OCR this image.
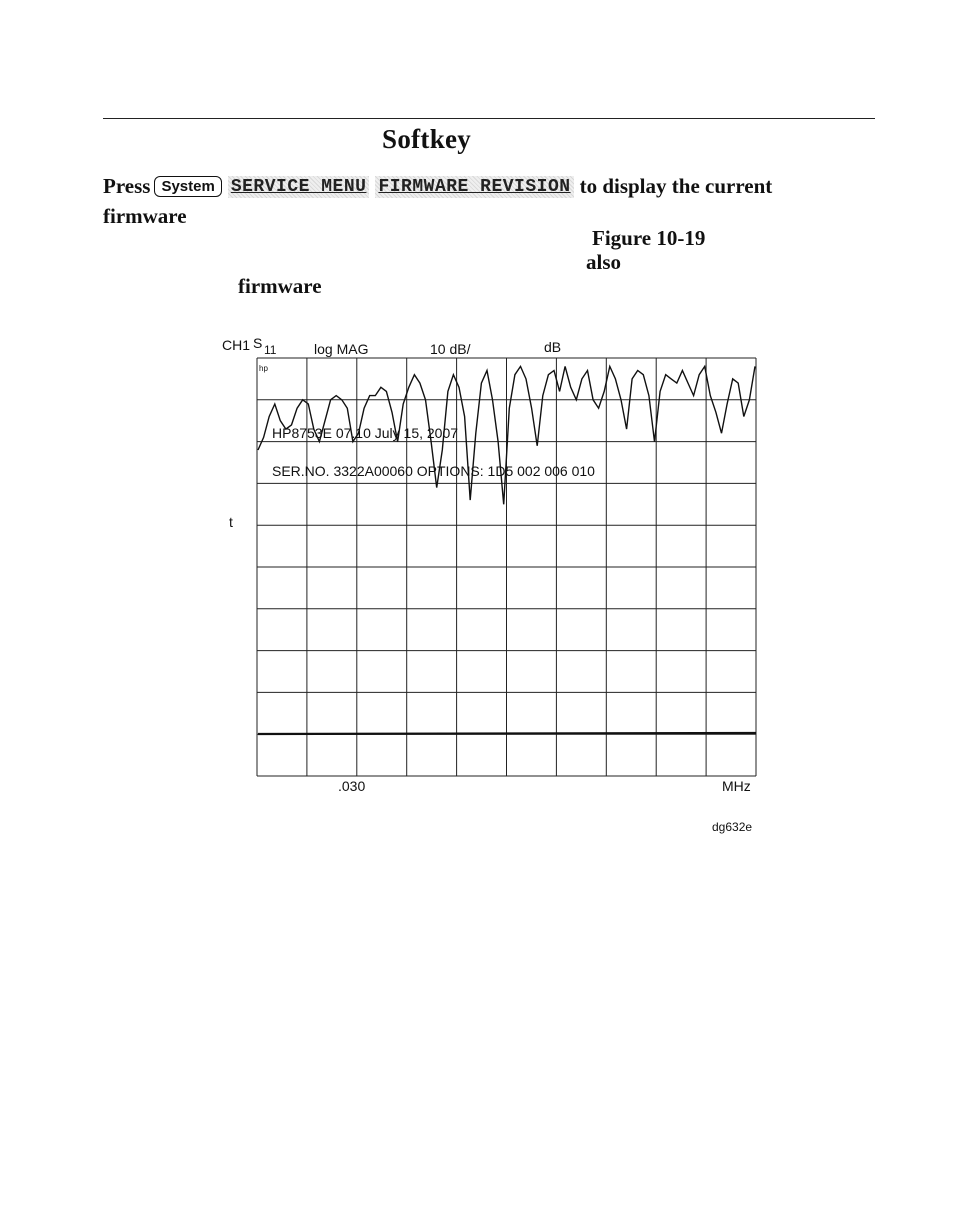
Softkey
Press System SERVICE MENU FIRMWARE REVISION to display the current
firmware
Figure 10-19
also
firmware
CH1 S 11	log MAG	10 dB/	dB
hp
HP8753E 07.10 July 15, 2007
SER.NO. 3322A00060 OPTIONS: 1D5 002 006 010
t
.030	MHz
dg632e
